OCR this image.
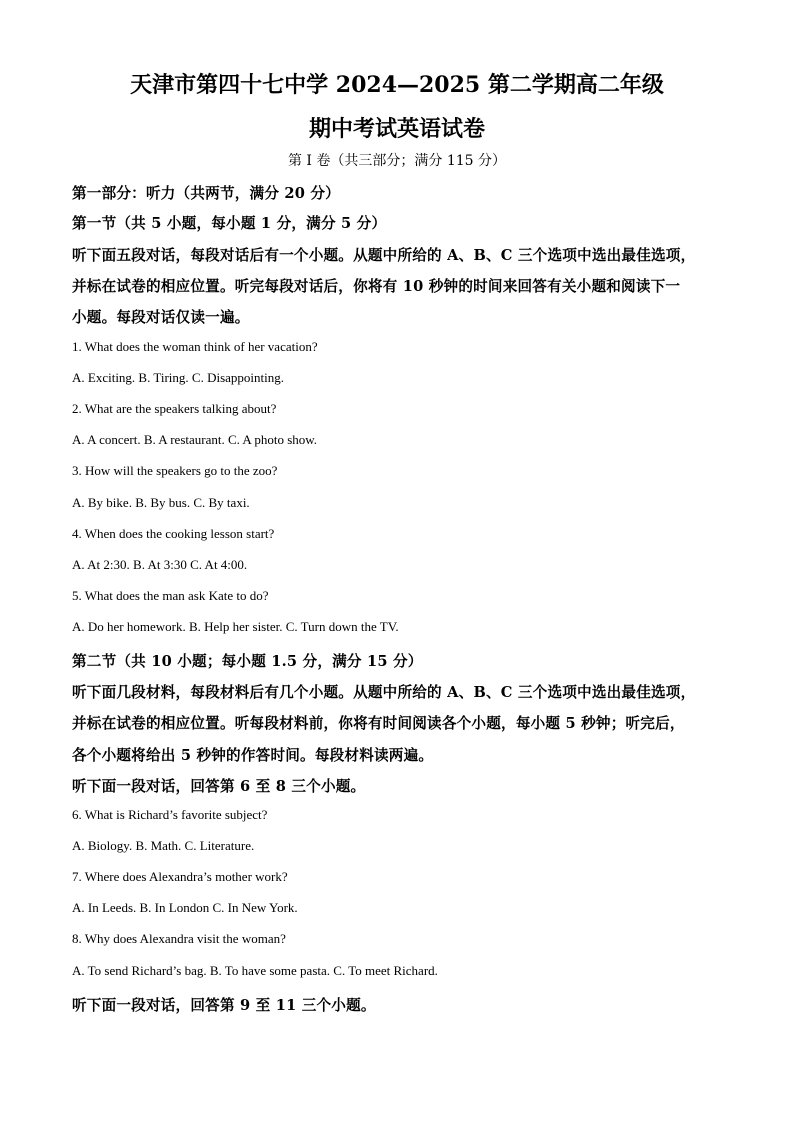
天津市第四十七中学 2024—2025 第二学期高二年级
期中考试英语试卷
第 I 卷（共三部分；满分 115 分）
第一部分：听力（共两节，满分 20 分）
第一节（共 5 小题，每小题 1 分，满分 5 分）
听下面五段对话，每段对话后有一个小题。从题中所给的 A、B、C 三个选项中选出最佳选项，
并标在试卷的相应位置。听完每段对话后，你将有 10 秒钟的时间来回答有关小题和阅读下一
小题。每段对话仅读一遍。
1. What does the woman think of her vacation?
A. Exciting. B. Tiring. C. Disappointing.
2. What are the speakers talking about?
A. A concert. B. A restaurant. C. A photo show.
3. How will the speakers go to the zoo?
A. By bike. B. By bus. C. By taxi.
4. When does the cooking lesson start?
A. At 2:30. B. At 3:30 C. At 4:00.
5. What does the man ask Kate to do?
A. Do her homework. B. Help her sister. C. Turn down the TV.
第二节（共 10 小题；每小题 1.5 分，满分 15 分）
听下面几段材料，每段材料后有几个小题。从题中所给的 A、B、C 三个选项中选出最佳选项，
并标在试卷的相应位置。听每段材料前，你将有时间阅读各个小题，每小题 5 秒钟；听完后，
各个小题将给出 5 秒钟的作答时间。每段材料读两遍。
听下面一段对话，回答第 6 至 8 三个小题。
6. What is Richard’s favorite subject?
A. Biology. B. Math. C. Literature.
7. Where does Alexandra’s mother work?
A. In Leeds. B. In London C. In New York.
8. Why does Alexandra visit the woman?
A. To send Richard’s bag. B. To have some pasta. C. To meet Richard.
听下面一段对话，回答第 9 至 11 三个小题。
